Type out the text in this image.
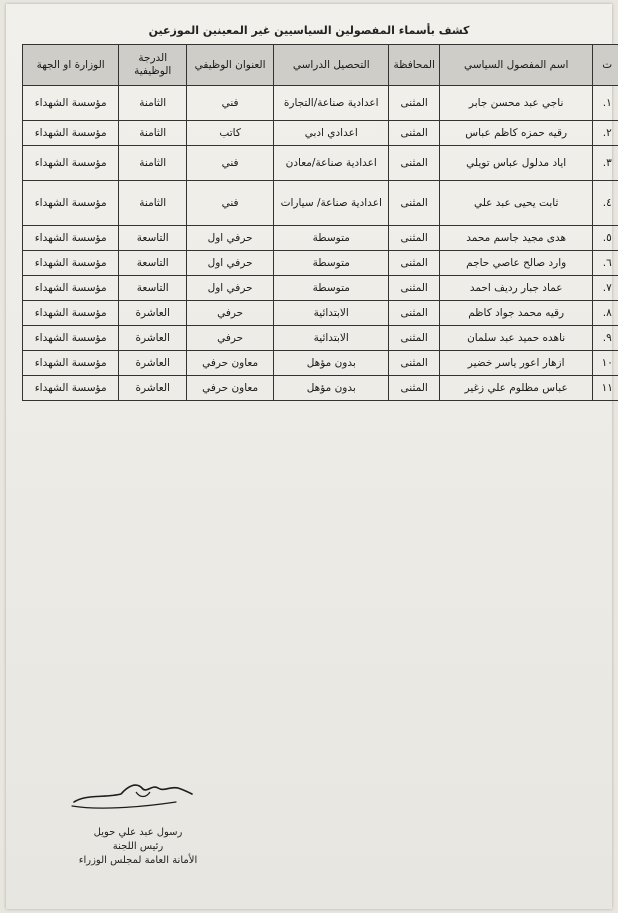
كشف بأسماء المفصولين السياسيين غير المعينين الموزعين
ت	اسم المفصول السياسي	المحافظة	التحصيل الدراسي	العنوان الوظيفي	الدرجة الوظيفية	الوزارة او الجهة
١.	ناجي عبد محسن جابر	المثنى	اعدادية صناعة/التجارة	فني	الثامنة	مؤسسة الشهداء
٢.	رقيه حمزه كاظم عباس	المثنى	اعدادي ادبي	كاتب	الثامنة	مؤسسة الشهداء
٣.	اياد مدلول عباس تويلي	المثنى	اعدادية صناعة/معادن	فني	الثامنة	مؤسسة الشهداء
٤.	ثابت يحيى عبد علي	المثنى	اعدادية صناعة/ سيارات	فني	الثامنة	مؤسسة الشهداء
٥.	هدى مجيد جاسم محمد	المثنى	متوسطة	حرفي اول	التاسعة	مؤسسة الشهداء
٦.	وارد صالح عاصي حاجم	المثنى	متوسطة	حرفي اول	التاسعة	مؤسسة الشهداء
٧.	عماد جبار رديف احمد	المثنى	متوسطة	حرفي اول	التاسعة	مؤسسة الشهداء
٨.	رقيه محمد جواد كاظم	المثنى	الابتدائية	حرفي	العاشرة	مؤسسة الشهداء
٩.	ناهده حميد عبد سلمان	المثنى	الابتدائية	حرفي	العاشرة	مؤسسة الشهداء
١٠	ازهار اعور ياسر خضير	المثنى	بدون مؤهل	معاون حرفي	العاشرة	مؤسسة الشهداء
١١	عباس مظلوم علي زغير	المثنى	بدون مؤهل	معاون حرفي	العاشرة	مؤسسة الشهداء
رسول عبد علي حويل
رئيس اللجنة
الأمانة العامة لمجلس الوزراء
